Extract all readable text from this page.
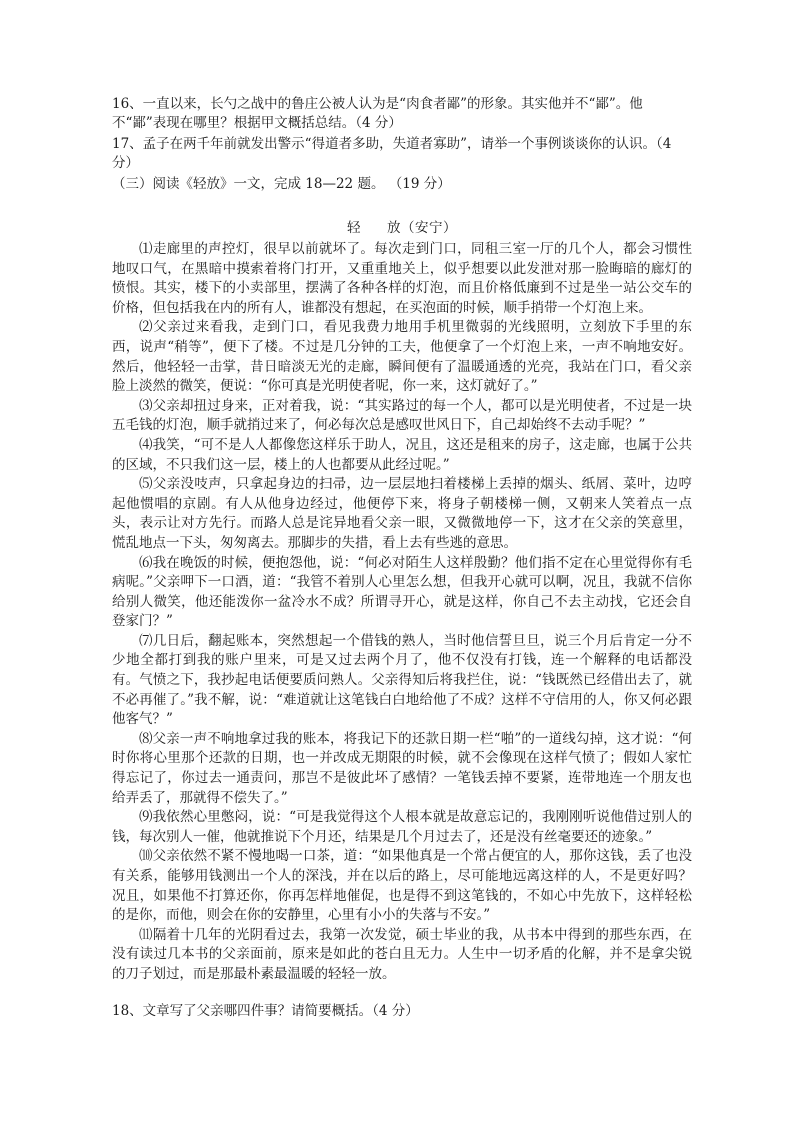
16、一直以来，长勺之战中的鲁庄公被人认为是“肉食者鄙”的形象。其实他并不“鄙”。他不“鄙”表现在哪里？根据甲文概括总结。（4 分）

17、孟子在两千年前就发出警示“得道者多助，失道者寡助”，请举一个事例谈谈你的认识。（4 分）

（三）阅读《轻放》一文，完成 18—22 题。 （19 分）

轻 放（安宁）

⑴走廊里的声控灯，很早以前就坏了。每次走到门口，同租三室一厅的几个人，都会习惯性地叹口气，在黑暗中摸索着将门打开，又重重地关上，似乎想要以此发泄对那一脸晦暗的廊灯的愤恨。其实，楼下的小卖部里，摆满了各种各样的灯泡，而且价格低廉到不过是坐一站公交车的价格，但包括我在内的所有人，谁都没有想起，在买泡面的时候，顺手捎带一个灯泡上来。

⑵父亲过来看我，走到门口，看见我费力地用手机里微弱的光线照明，立刻放下手里的东西，说声“稍等”，便下了楼。不过是几分钟的工夫，他便拿了一个灯泡上来，一声不响地安好。然后，他轻轻一击掌，昔日暗淡无光的走廊，瞬间便有了温暖通透的光亮，我站在门口，看父亲脸上淡然的微笑，便说：“你可真是光明使者呢，你一来，这灯就好了。”

⑶父亲却扭过身来，正对着我，说：“其实路过的每一个人，都可以是光明使者，不过是一块五毛钱的灯泡，顺手就捎过来了，何必每次总是感叹世风日下，自己却始终不去动手呢？”

⑷我笑，“可不是人人都像您这样乐于助人，况且，这还是租来的房子，这走廊，也属于公共的区域，不只我们这一层，楼上的人也都要从此经过呢。”

⑸父亲没吱声，只拿起身边的扫帚，边一层层地扫着楼梯上丢掉的烟头、纸屑、菜叶，边哼起他惯唱的京剧。有人从他身边经过，他便停下来，将身子朝楼梯一侧，又朝来人笑着点一点头，表示让对方先行。而路人总是诧异地看父亲一眼，又微微地停一下，这才在父亲的笑意里，慌乱地点一下头，匆匆离去。那脚步的失措，看上去有些逃的意思。

⑹我在晚饭的时候，便抱怨他，说：“何必对陌生人这样殷勤？他们指不定在心里觉得你有毛病呢。”父亲呷下一口酒，道：“我管不着别人心里怎么想，但我开心就可以啊，况且，我就不信你给别人微笑，他还能泼你一盆冷水不成？所谓寻开心，就是这样，你自己不去主动找，它还会自登家门？”

⑺几日后，翻起账本，突然想起一个借钱的熟人，当时他信誓旦旦，说三个月后肯定一分不少地全都打到我的账户里来，可是又过去两个月了，他不仅没有打钱，连一个解释的电话都没有。气愤之下，我抄起电话便要质问熟人。父亲得知后将我拦住，说：“钱既然已经借出去了，就不必再催了。”我不解，说：“难道就让这笔钱白白地给他了不成？这样不守信用的人，你又何必跟他客气？”

⑻父亲一声不响地拿过我的账本，将我记下的还款日期一栏“啪”的一道线勾掉，这才说：“何时你将心里那个还款的日期，也一并改成无期限的时候，就不会像现在这样气愤了；假如人家忙得忘记了，你过去一通责问，那岂不是彼此坏了感情？一笔钱丢掉不要紧，连带地连一个朋友也给弄丢了，那就得不偿失了。”

⑼我依然心里憋闷，说：“可是我觉得这个人根本就是故意忘记的，我刚刚听说他借过别人的钱，每次别人一催，他就推说下个月还，结果是几个月过去了，还是没有丝毫要还的迹象。”

⑽父亲依然不紧不慢地喝一口茶，道：“如果他真是一个常占便宜的人，那你这钱，丢了也没有关系，能够用钱测出一个人的深浅，并在以后的路上，尽可能地远离这样的人，不是更好吗？况且，如果他不打算还你，你再怎样地催促，也是得不到这笔钱的，不如心中先放下，这样轻松的是你，而他，则会在你的安静里，心里有小小的失落与不安。”

⑾隔着十几年的光阴看过去，我第一次发觉，硕士毕业的我，从书本中得到的那些东西，在没有读过几本书的父亲面前，原来是如此的苍白且无力。人生中一切矛盾的化解，并不是拿尖锐的刀子划过，而是那最朴素最温暖的轻轻一放。

18、文章写了父亲哪四件事？请简要概括。（4 分）
